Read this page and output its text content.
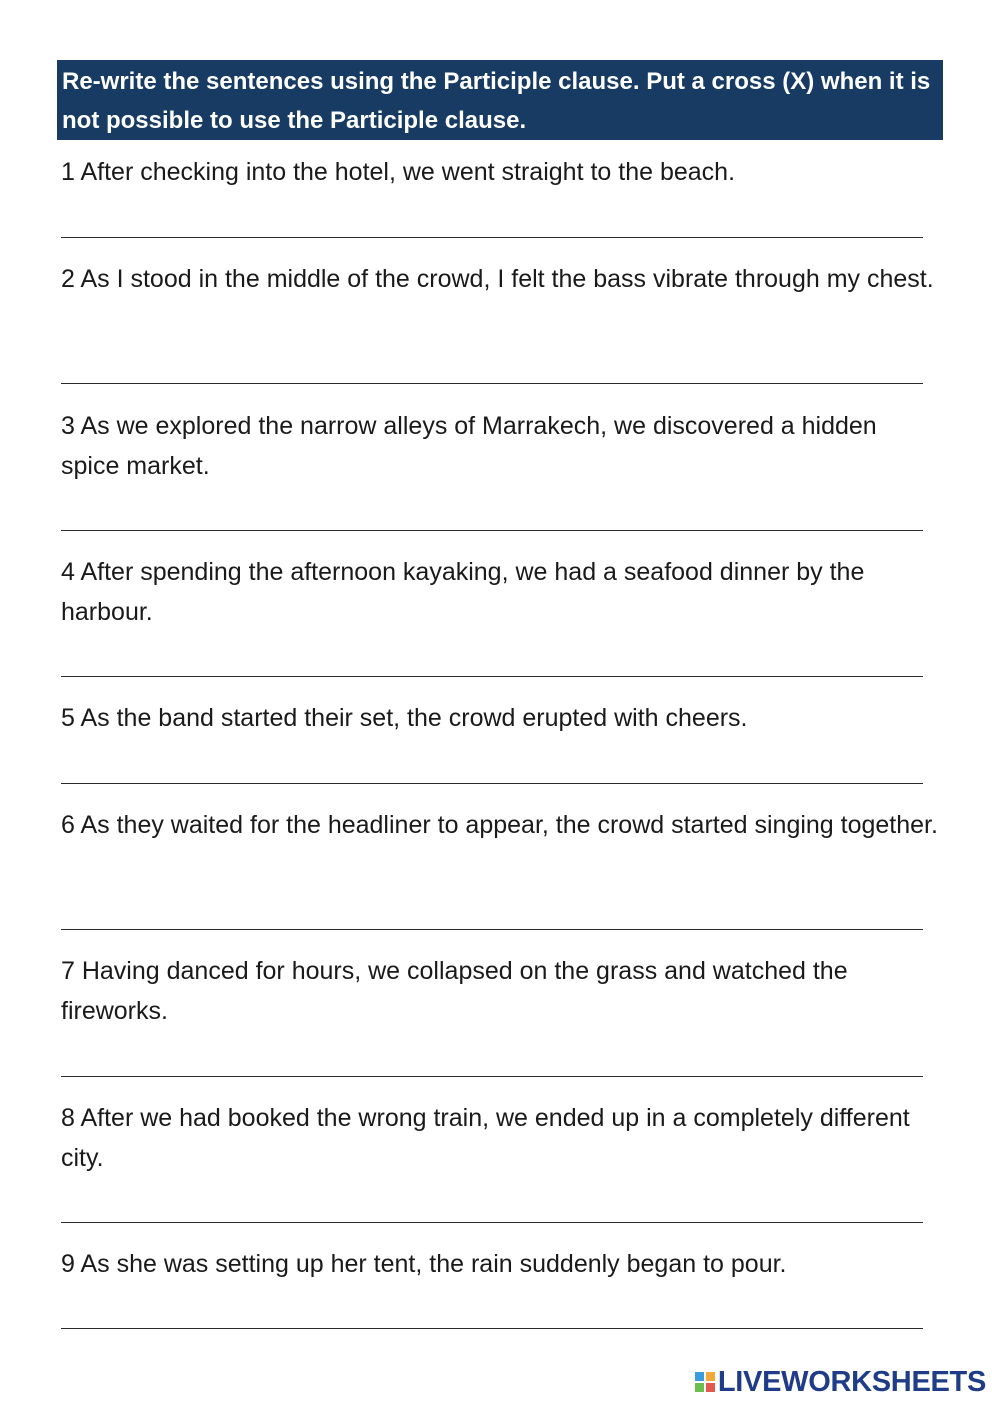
Re-write the sentences using the Participle clause. Put a cross (X) when it is not possible to use the Participle clause.

1 After checking into the hotel, we went straight to the beach.

2 As I stood in the middle of the crowd, I felt the bass vibrate through my chest.

3 As we explored the narrow alleys of Marrakech, we discovered a hidden spice market.

4 After spending the afternoon kayaking, we had a seafood dinner by the harbour.

5 As the band started their set, the crowd erupted with cheers.

6 As they waited for the headliner to appear, the crowd started singing together.

7 Having danced for hours, we collapsed on the grass and watched the fireworks.

8 After we had booked the wrong train, we ended up in a completely different city.

9 As she was setting up her tent, the rain suddenly began to pour.

LIVEWORKSHEETS
